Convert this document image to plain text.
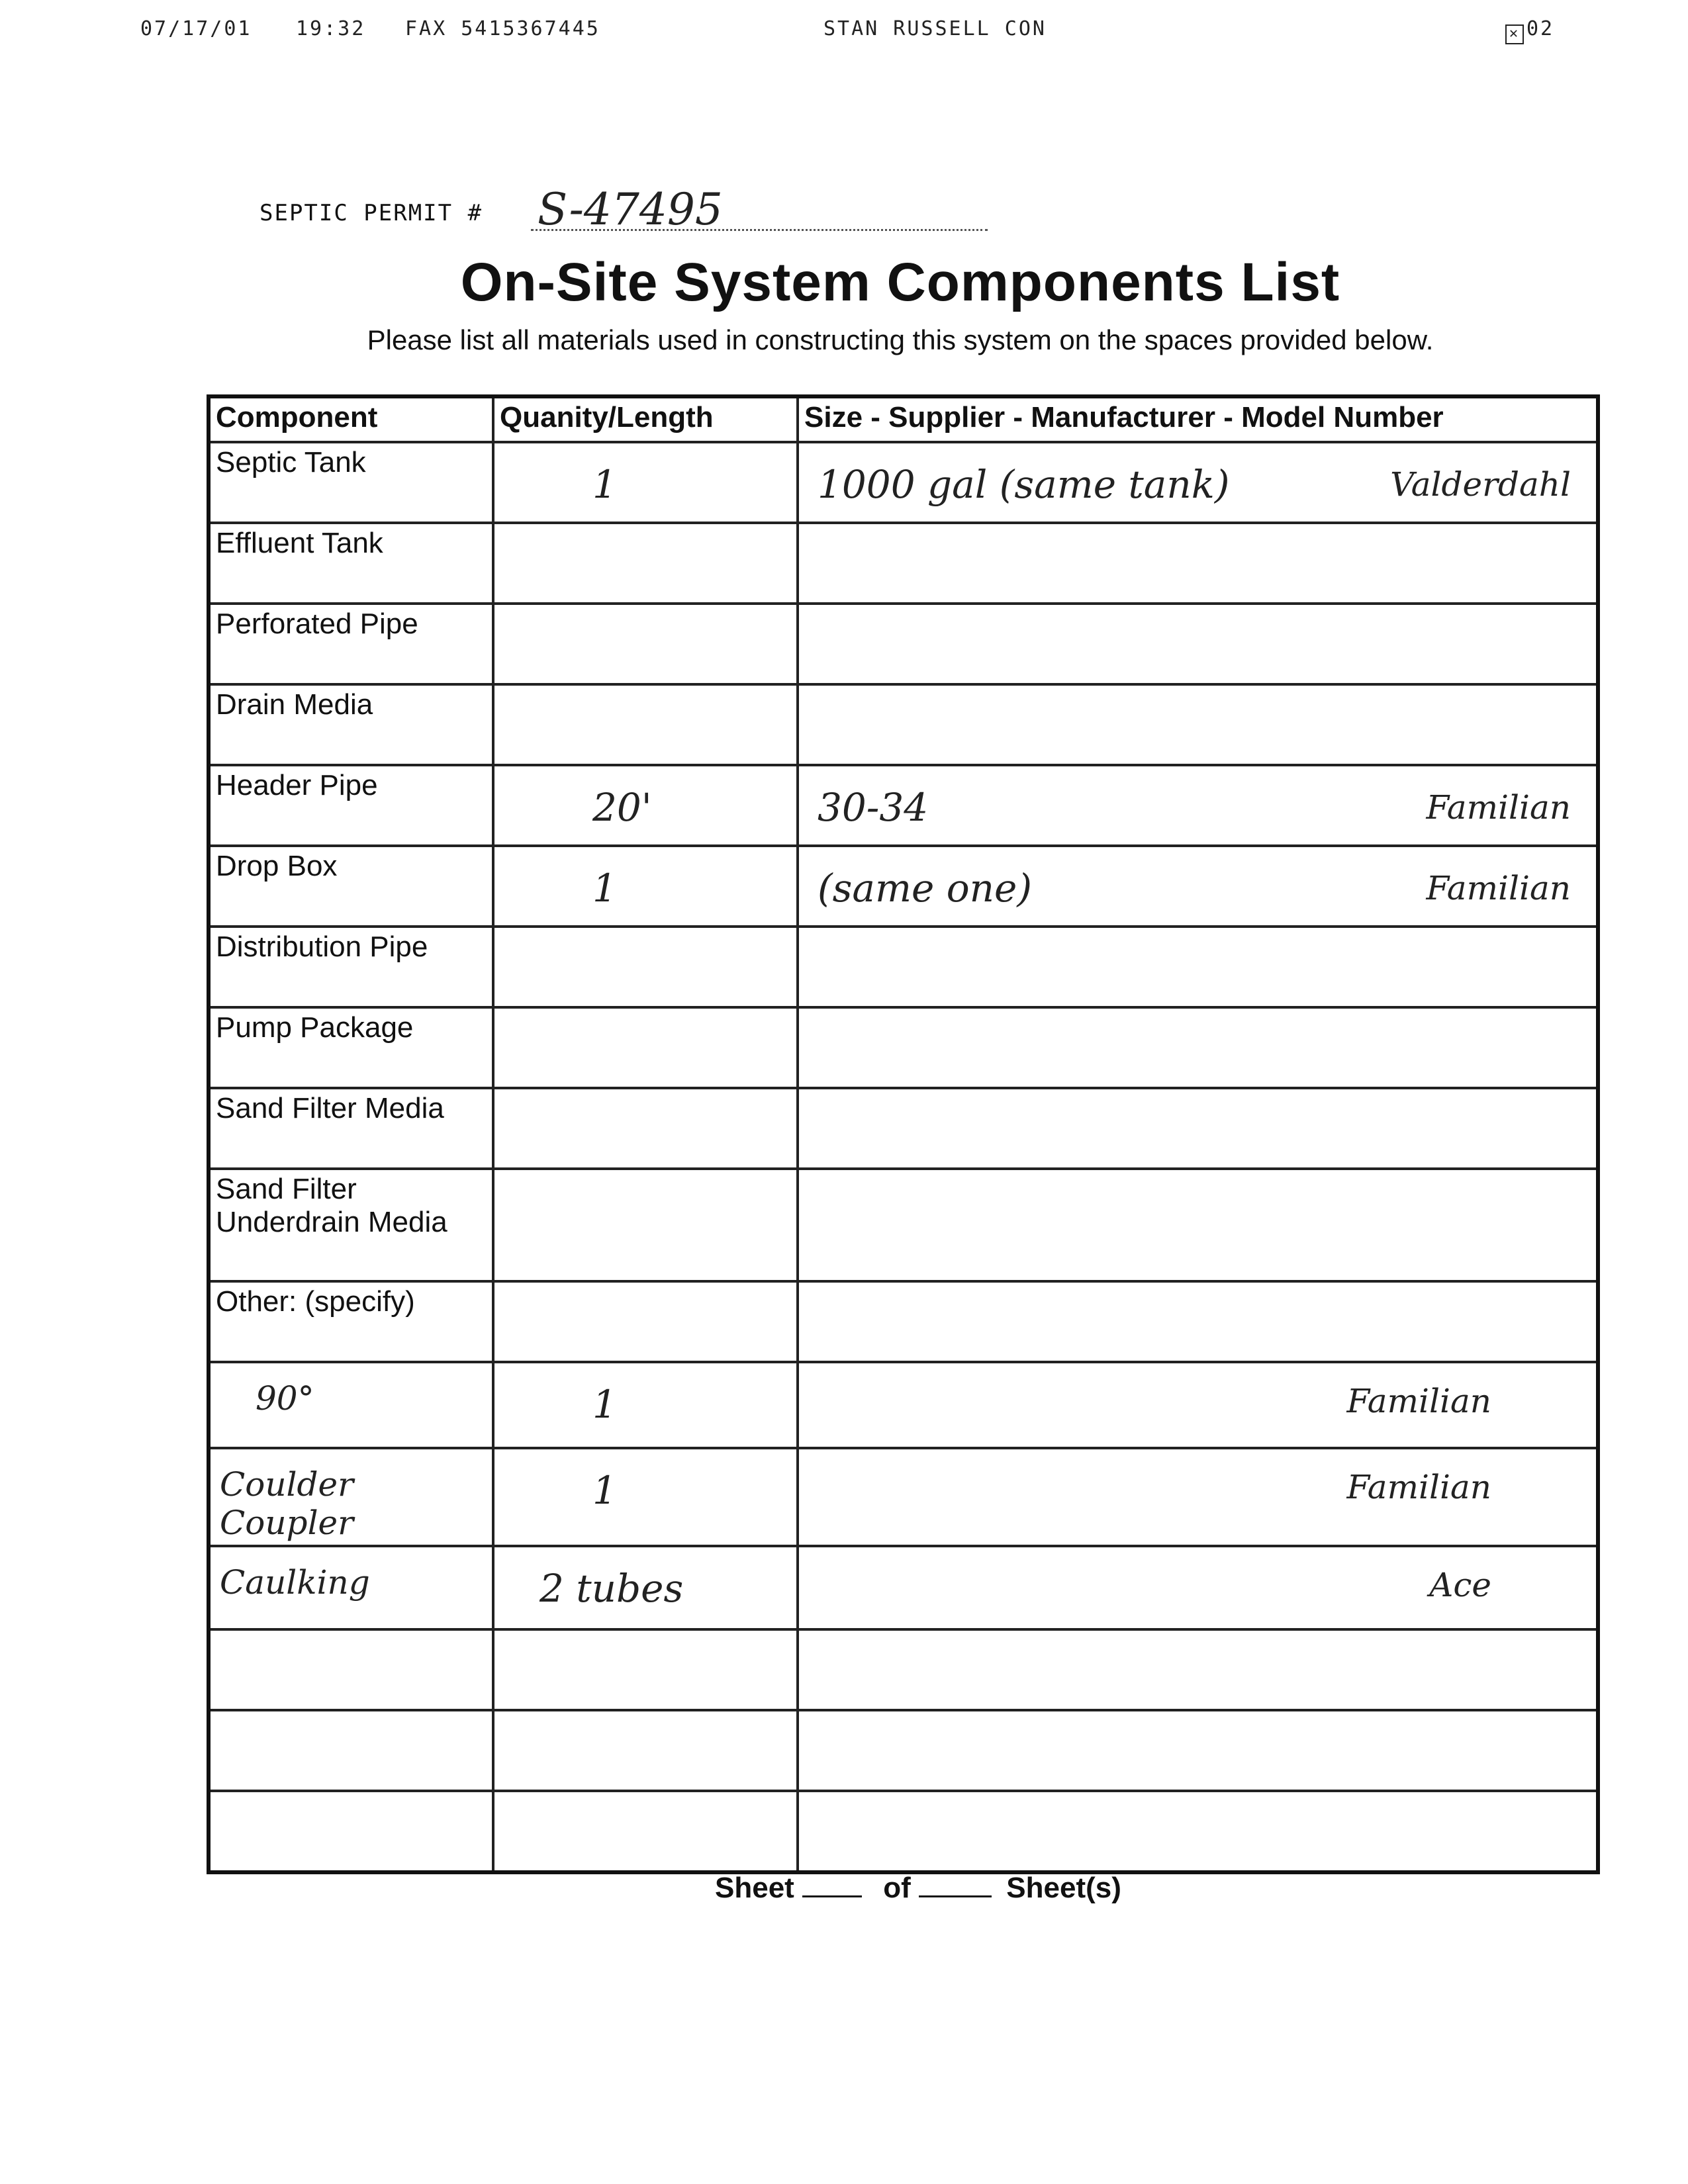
07/17/01 19:32 FAX 5415367445	STAN RUSSELL CON	✕ 02
SEPTIC PERMIT # S-47495
On-Site System Components List
Please list all materials used in constructing this system on the spaces provided below.
Component	Quanity/Length	Size - Supplier - Manufacturer - Model Number
Septic Tank	1	1000 gal (same tank) Valderdahl

Effluent Tank	

Perforated Pipe	

Drain Media	

Header Pipe	20'	30-34 Familian

Drop Box	1	(same one) Familian

Distribution Pipe	

Pump Package	

Sand Filter Media	

Sand Filter
Underdrain Media	

Other: (specify)	

90°	1	Familian

Coulder Coupler	1	Familian

Caulking	2 tubes	Ace

Sheet	of	Sheet(s)
